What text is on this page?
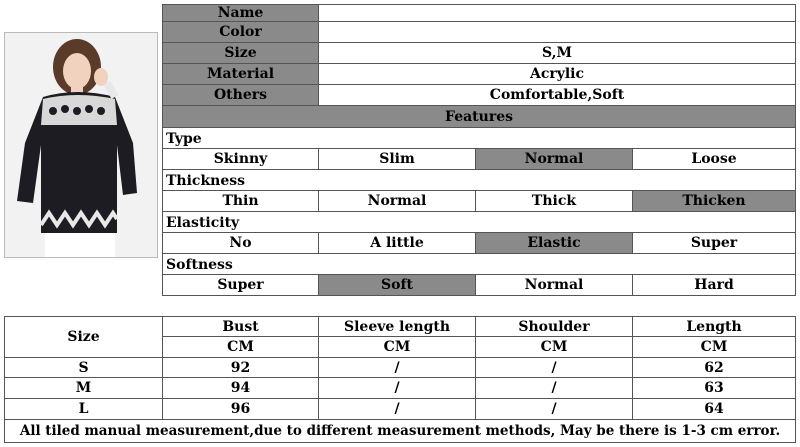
Name
Color
Size	S,M
Material	Acrylic
Others	Comfortable,Soft
Features
Type
Skinny	Slim	Normal	Loose
Thickness
Thin	Normal	Thick	Thicken
Elasticity
No	A little	Elastic	Super
Softness
Super	Soft	Normal	Hard
Size
Bust	Sleeve length	Shoulder	Length
CM	CM	CM	CM
S	92	/	/	62
M	94	/	/	63
L	96	/	/	64
All tiled manual measurement,due to different measurement methods, May be there is 1-3 cm error.
